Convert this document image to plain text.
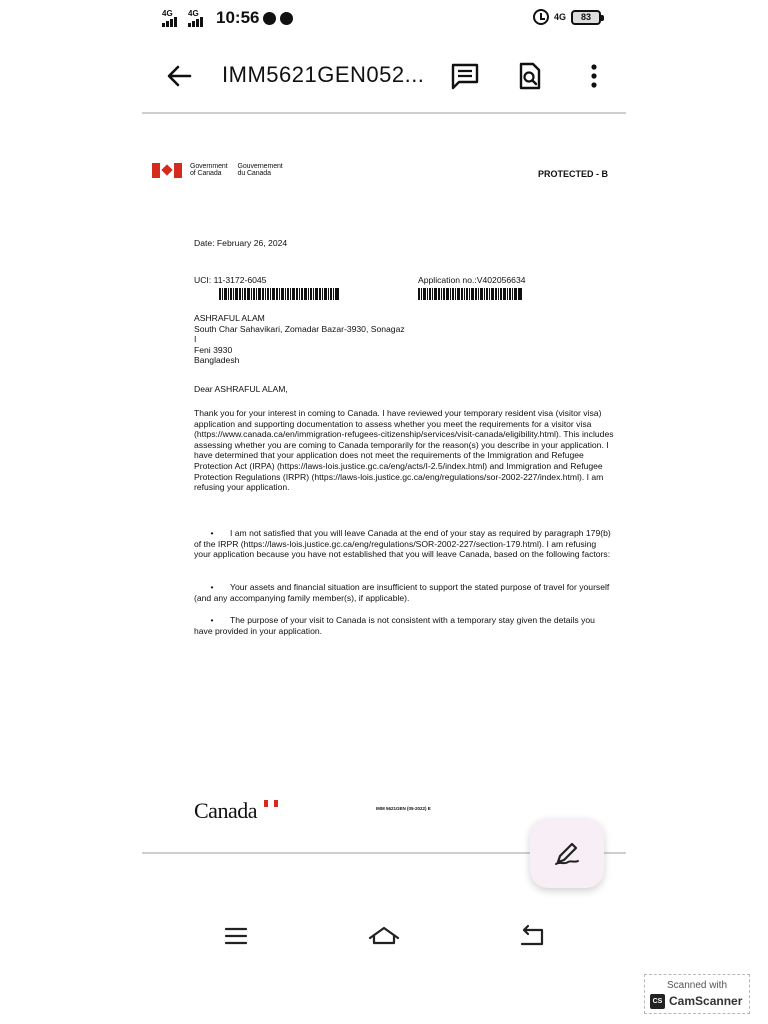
4G 4G 10:56	4G	83
IMM5621GEN052...
Government
of Canada
Gouvernement
du Canada	PROTECTED - B
Date: February 26, 2024
UCI: 11-3172-6045	Application no.:V402056634
ASHRAFUL ALAM
South Char Sahavikari, Zomadar Bazar-3930, Sonagaz
I
Feni 3930
Bangladesh
Dear ASHRAFUL ALAM,
Thank you for your interest in coming to Canada. I have reviewed your temporary resident visa (visitor visa) application and supporting documentation to assess whether you meet the requirements for a visitor visa (https://www.canada.ca/en/immigration-refugees-citizenship/services/visit-canada/eligibility.html). This includes assessing whether you are coming to Canada temporarily for the reason(s) you describe in your application. I have determined that your application does not meet the requirements of the Immigration and Refugee Protection Act (IRPA) (https://laws-lois.justice.gc.ca/eng/acts/I-2.5/index.html) and Immigration and Refugee Protection Regulations (IRPR) (https://laws-lois.justice.gc.ca/eng/regulations/sor-2002-227/index.html). I am refusing your application.
• I am not satisfied that you will leave Canada at the end of your stay as required by paragraph 179(b) of the IRPR (https://laws-lois.justice.gc.ca/eng/regulations/SOR-2002-227/section-179.html). I am refusing your application because you have not established that you will leave Canada, based on the following factors:
• Your assets and financial situation are insufficient to support the stated purpose of travel for yourself (and any accompanying family member(s), if applicable).
• The purpose of your visit to Canada is not consistent with a temporary stay given the details you have provided in your application.
Canada	IMM 5621GEN (05-2022) E
Scanned with
CS CamScanner
